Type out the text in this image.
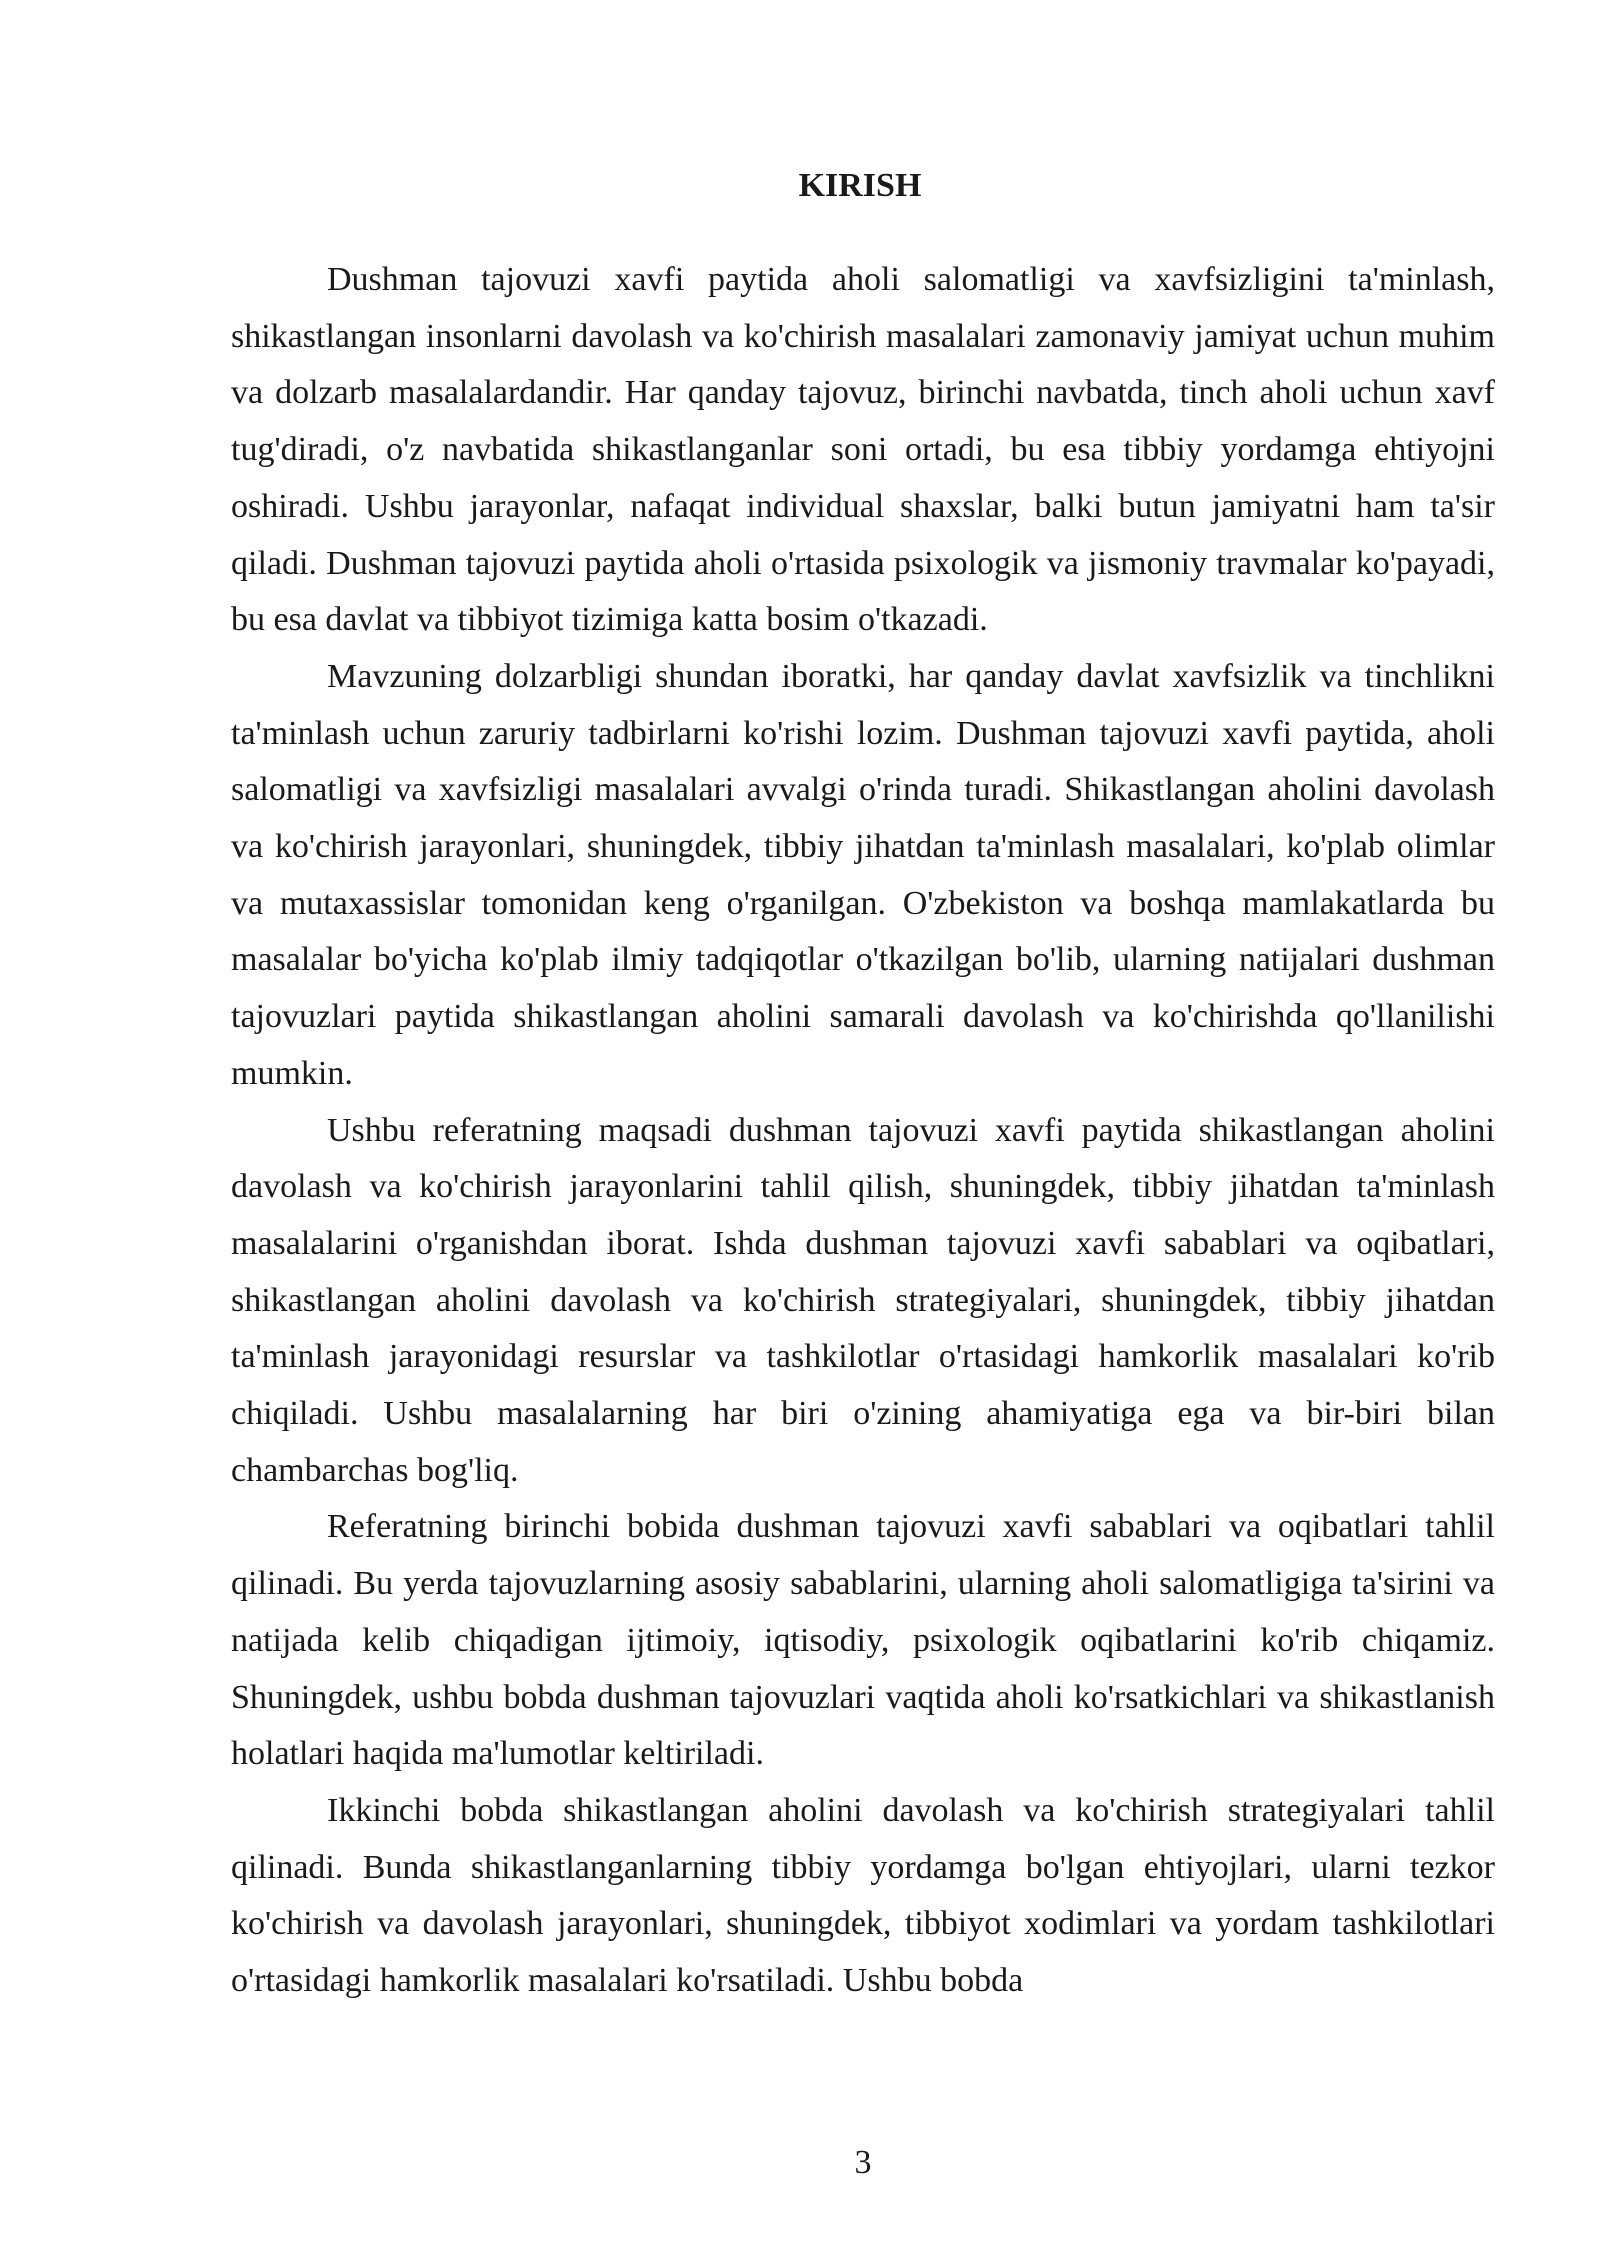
KIRISH

Dushman tajovuzi xavfi paytida aholi salomatligi va xavfsizligini ta'minlash, shikastlangan insonlarni davolash va ko'chirish masalalari zamonaviy jamiyat uchun muhim va dolzarb masalalardandir. Har qanday tajovuz, birinchi navbatda, tinch aholi uchun xavf tug'diradi, o'z navbatida shikastlanganlar soni ortadi, bu esa tibbiy yordamga ehtiyojni oshiradi. Ushbu jarayonlar, nafaqat individual shaxslar, balki butun jamiyatni ham ta'sir qiladi. Dushman tajovuzi paytida aholi o'rtasida psixologik va jismoniy travmalar ko'payadi, bu esa davlat va tibbiyot tizimiga katta bosim o'tkazadi.

Mavzuning dolzarbligi shundan iboratki, har qanday davlat xavfsizlik va tinchlikni ta'minlash uchun zaruriy tadbirlarni ko'rishi lozim. Dushman tajovuzi xavfi paytida, aholi salomatligi va xavfsizligi masalalari avvalgi o'rinda turadi. Shikastlangan aholini davolash va ko'chirish jarayonlari, shuningdek, tibbiy jihatdan ta'minlash masalalari, ko'plab olimlar va mutaxassislar tomonidan keng o'rganilgan. O'zbekiston va boshqa mamlakatlarda bu masalalar bo'yicha ko'plab ilmiy tadqiqotlar o'tkazilgan bo'lib, ularning natijalari dushman tajovuzlari paytida shikastlangan aholini samarali davolash va ko'chirishda qo'llanilishi mumkin.

Ushbu referatning maqsadi dushman tajovuzi xavfi paytida shikastlangan aholini davolash va ko'chirish jarayonlarini tahlil qilish, shuningdek, tibbiy jihatdan ta'minlash masalalarini o'rganishdan iborat. Ishda dushman tajovuzi xavfi sabablari va oqibatlari, shikastlangan aholini davolash va ko'chirish strategiyalari, shuningdek, tibbiy jihatdan ta'minlash jarayonidagi resurslar va tashkilotlar o'rtasidagi hamkorlik masalalari ko'rib chiqiladi. Ushbu masalalarning har biri o'zining ahamiyatiga ega va bir-biri bilan chambarchas bog'liq.

Referatning birinchi bobida dushman tajovuzi xavfi sabablari va oqibatlari tahlil qilinadi. Bu yerda tajovuzlarning asosiy sabablarini, ularning aholi salomatligiga ta'sirini va natijada kelib chiqadigan ijtimoiy, iqtisodiy, psixologik oqibatlarini ko'rib chiqamiz. Shuningdek, ushbu bobda dushman tajovuzlari vaqtida aholi ko'rsatkichlari va shikastlanish holatlari haqida ma'lumotlar keltiriladi.

Ikkinchi bobda shikastlangan aholini davolash va ko'chirish strategiyalari tahlil qilinadi. Bunda shikastlanganlarning tibbiy yordamga bo'lgan ehtiyojlari, ularni tezkor ko'chirish va davolash jarayonlari, shuningdek, tibbiyot xodimlari va yordam tashkilotlari o'rtasidagi hamkorlik masalalari ko'rsatiladi. Ushbu bobda

3
